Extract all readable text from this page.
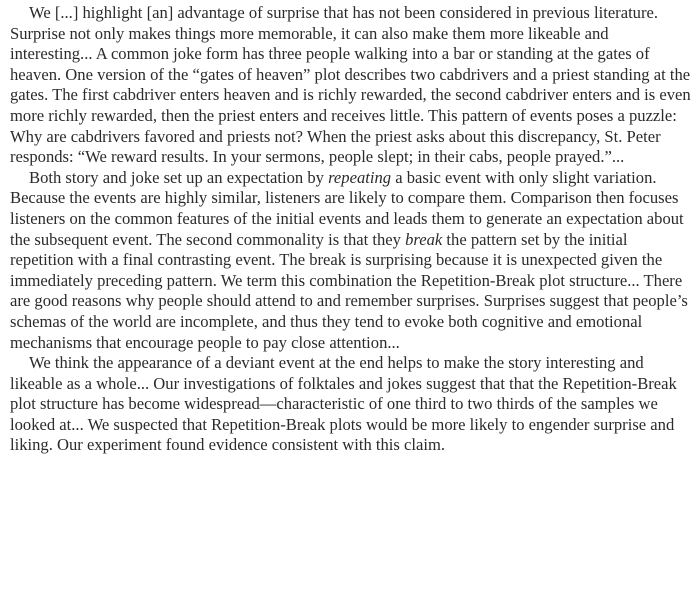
We [...] highlight [an] advantage of surprise that has not been considered in previous literature. Surprise not only makes things more memorable, it can also make them more likeable and interesting... A common joke form has three people walking into a bar or standing at the gates of heaven. One version of the “gates of heaven” plot describes two cabdrivers and a priest standing at the gates. The first cabdriver enters heaven and is richly rewarded, the second cabdriver enters and is even more richly rewarded, then the priest enters and receives little. This pattern of events poses a puzzle: Why are cabdrivers favored and priests not? When the priest asks about this discrepancy, St. Peter responds: “We reward results. In your sermons, people slept; in their cabs, people prayed.”...

Both story and joke set up an expectation by repeating a basic event with only slight variation. Because the events are highly similar, listeners are likely to compare them. Comparison then focuses listeners on the common features of the initial events and leads them to generate an expectation about the subsequent event. The second commonality is that they break the pattern set by the initial repetition with a final contrasting event. The break is surprising because it is unexpected given the immediately preceding pattern. We term this combination the Repetition-Break plot structure... There are good reasons why people should attend to and remember surprises. Surprises suggest that people’s schemas of the world are incomplete, and thus they tend to evoke both cognitive and emotional mechanisms that encourage people to pay close attention...

We think the appearance of a deviant event at the end helps to make the story interesting and likeable as a whole... Our investigations of folktales and jokes suggest that that the Repetition-Break plot structure has become widespread—characteristic of one third to two thirds of the samples we looked at... We suspected that Repetition-Break plots would be more likely to engender surprise and liking. Our experiment found evidence consistent with this claim.
